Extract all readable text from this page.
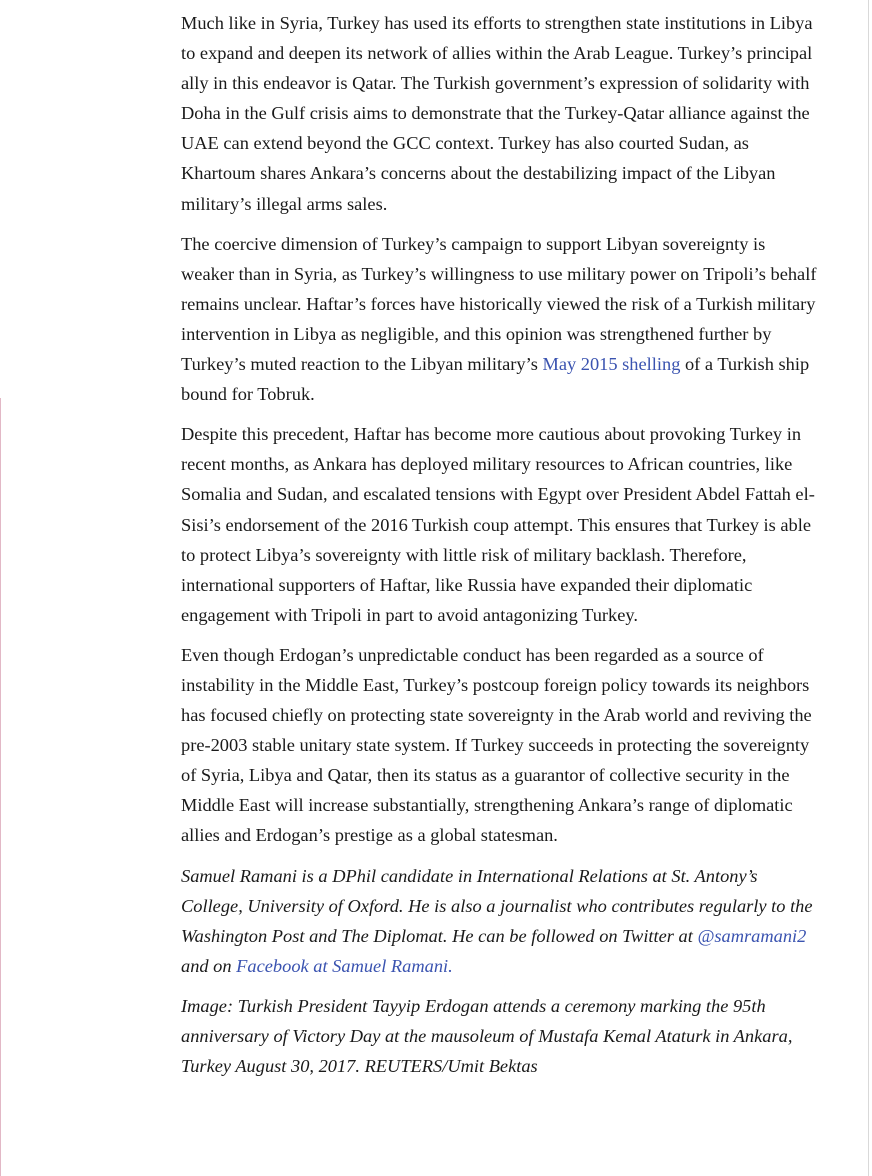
Much like in Syria, Turkey has used its efforts to strengthen state institutions in Libya to expand and deepen its network of allies within the Arab League. Turkey’s principal ally in this endeavor is Qatar. The Turkish government’s expression of solidarity with Doha in the Gulf crisis aims to demonstrate that the Turkey-Qatar alliance against the UAE can extend beyond the GCC context. Turkey has also courted Sudan, as Khartoum shares Ankara’s concerns about the destabilizing impact of the Libyan military’s illegal arms sales.

The coercive dimension of Turkey’s campaign to support Libyan sovereignty is weaker than in Syria, as Turkey’s willingness to use military power on Tripoli’s behalf remains unclear. Haftar’s forces have historically viewed the risk of a Turkish military intervention in Libya as negligible, and this opinion was strengthened further by Turkey’s muted reaction to the Libyan military’s May 2015 shelling of a Turkish ship bound for Tobruk.

Despite this precedent, Haftar has become more cautious about provoking Turkey in recent months, as Ankara has deployed military resources to African countries, like Somalia and Sudan, and escalated tensions with Egypt over President Abdel Fattah el-Sisi’s endorsement of the 2016 Turkish coup attempt. This ensures that Turkey is able to protect Libya’s sovereignty with little risk of military backlash. Therefore, international supporters of Haftar, like Russia have expanded their diplomatic engagement with Tripoli in part to avoid antagonizing Turkey.

Even though Erdogan’s unpredictable conduct has been regarded as a source of instability in the Middle East, Turkey’s postcoup foreign policy towards its neighbors has focused chiefly on protecting state sovereignty in the Arab world and reviving the pre-2003 stable unitary state system. If Turkey succeeds in protecting the sovereignty of Syria, Libya and Qatar, then its status as a guarantor of collective security in the Middle East will increase substantially, strengthening Ankara’s range of diplomatic allies and Erdogan’s prestige as a global statesman.

Samuel Ramani is a DPhil candidate in International Relations at St. Antony’s College, University of Oxford. He is also a journalist who contributes regularly to the Washington Post and The Diplomat. He can be followed on Twitter at @samramani2 and on Facebook at Samuel Ramani.

Image: Turkish President Tayyip Erdogan attends a ceremony marking the 95th anniversary of Victory Day at the mausoleum of Mustafa Kemal Ataturk in Ankara, Turkey August 30, 2017. REUTERS/Umit Bektas
